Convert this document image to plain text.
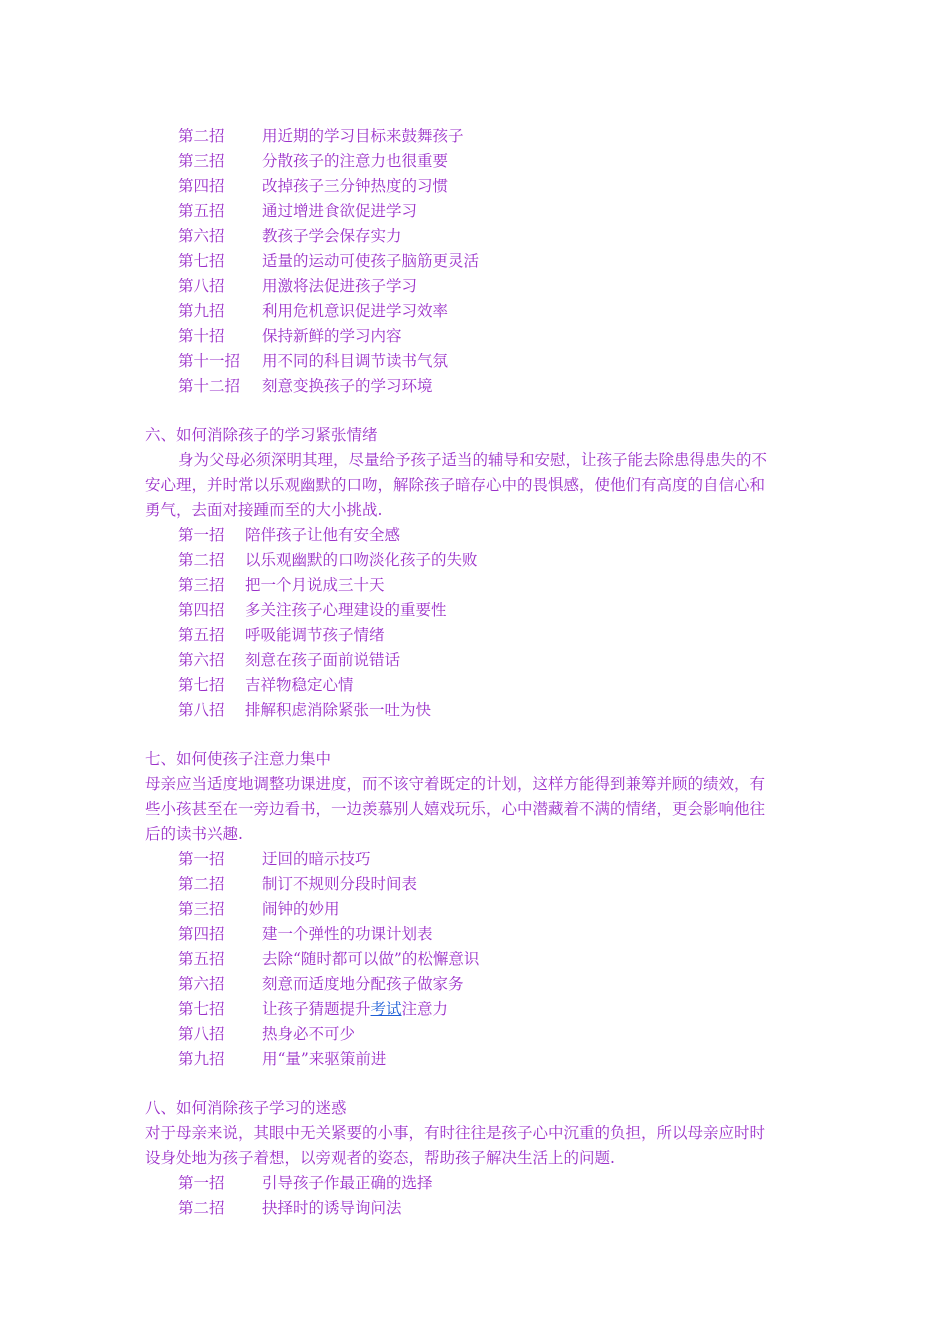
第二招 用近期的学习目标来鼓舞孩子
第三招 分散孩子的注意力也很重要
第四招 改掉孩子三分钟热度的习惯
第五招 通过增进食欲促进学习
第六招 教孩子学会保存实力
第七招 适量的运动可使孩子脑筋更灵活
第八招 用激将法促进孩子学习
第九招 利用危机意识促进学习效率
第十招 保持新鲜的学习内容
第十一招 用不同的科目调节读书气氛
第十二招 刻意变换孩子的学习环境
六、如何消除孩子的学习紧张情绪
身为父母必须深明其理，尽量给予孩子适当的辅导和安慰，让孩子能去除患得患失的不
安心理，并时常以乐观幽默的口吻，解除孩子暗存心中的畏惧感，使他们有高度的自信心和
勇气，去面对接踵而至的大小挑战.
第一招 陪伴孩子让他有安全感
第二招 以乐观幽默的口吻淡化孩子的失败
第三招 把一个月说成三十天
第四招 多关注孩子心理建设的重要性
第五招 呼吸能调节孩子情绪
第六招 刻意在孩子面前说错话
第七招 吉祥物稳定心情
第八招 排解积虑消除紧张一吐为快
七、如何使孩子注意力集中
母亲应当适度地调整功课进度，而不该守着既定的计划，这样方能得到兼筹并顾的绩效，有
些小孩甚至在一旁边看书，一边羡慕别人嬉戏玩乐，心中潜藏着不满的情绪，更会影响他往
后的读书兴趣.
第一招 迂回的暗示技巧
第二招 制订不规则分段时间表
第三招 闹钟的妙用
第四招 建一个弹性的功课计划表
第五招 去除“随时都可以做”的松懈意识
第六招 刻意而适度地分配孩子做家务
第七招 让孩子猜题提升考试注意力
第八招 热身必不可少
第九招 用“量”来驱策前进
八、如何消除孩子学习的迷惑
对于母亲来说，其眼中无关紧要的小事，有时往往是孩子心中沉重的负担，所以母亲应时时
设身处地为孩子着想，以旁观者的姿态，帮助孩子解决生活上的问题.
第一招 引导孩子作最正确的选择
第二招 抉择时的诱导询问法
